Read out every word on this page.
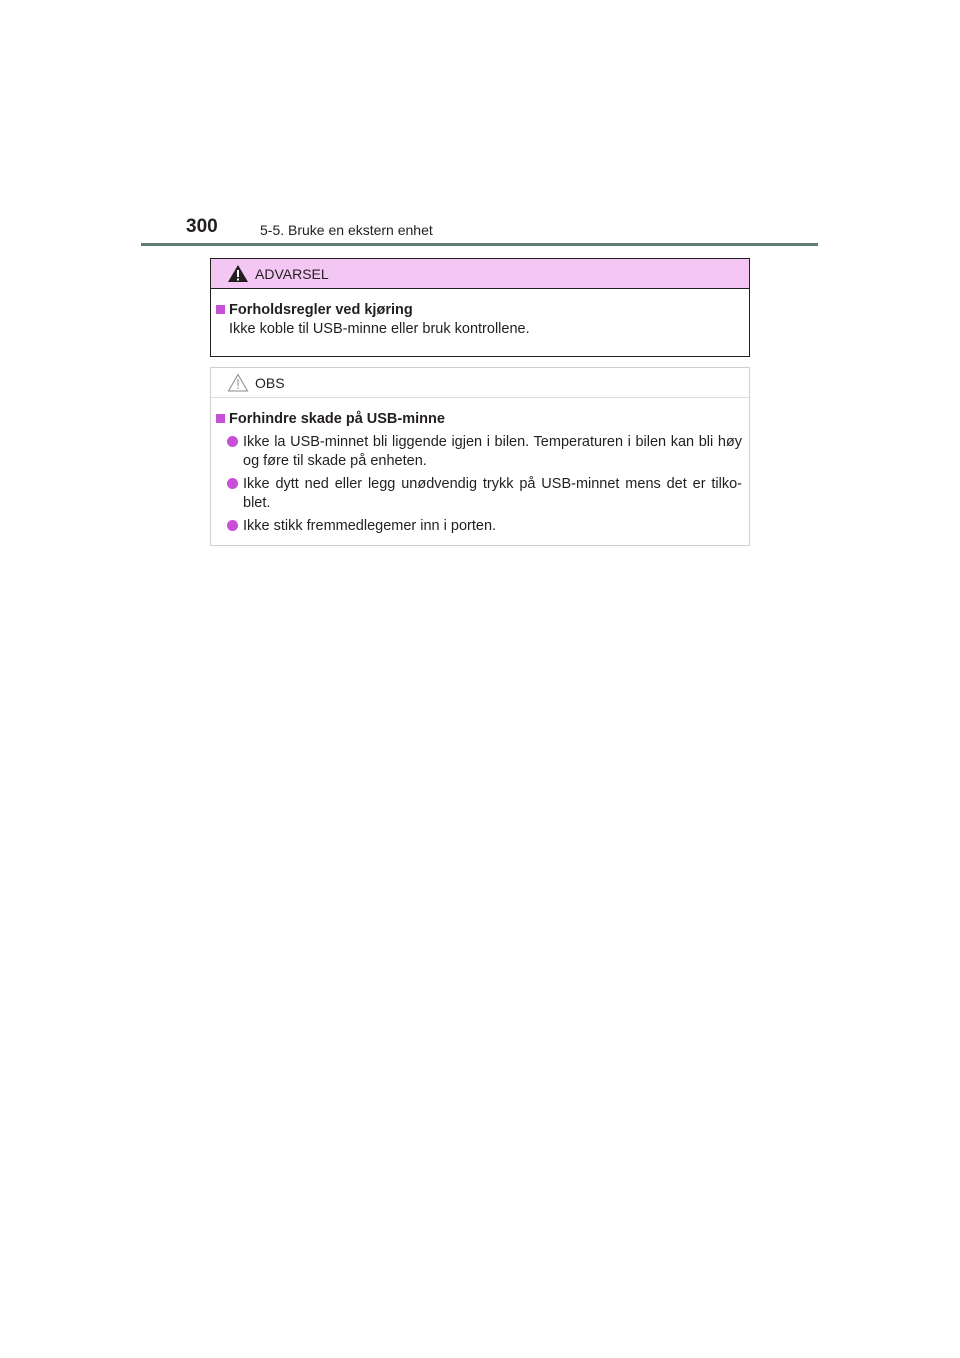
300	5-5. Bruke en ekstern enhet
ADVARSEL
Forholdsregler ved kjøring
Ikke koble til USB-minne eller bruk kontrollene.
OBS
Forhindre skade på USB-minne
Ikke la USB-minnet bli liggende igjen i bilen. Temperaturen i bilen kan bli høy og føre til skade på enheten.
Ikke dytt ned eller legg unødvendig trykk på USB-minnet mens det er tilko-blet.
Ikke stikk fremmedlegemer inn i porten.
